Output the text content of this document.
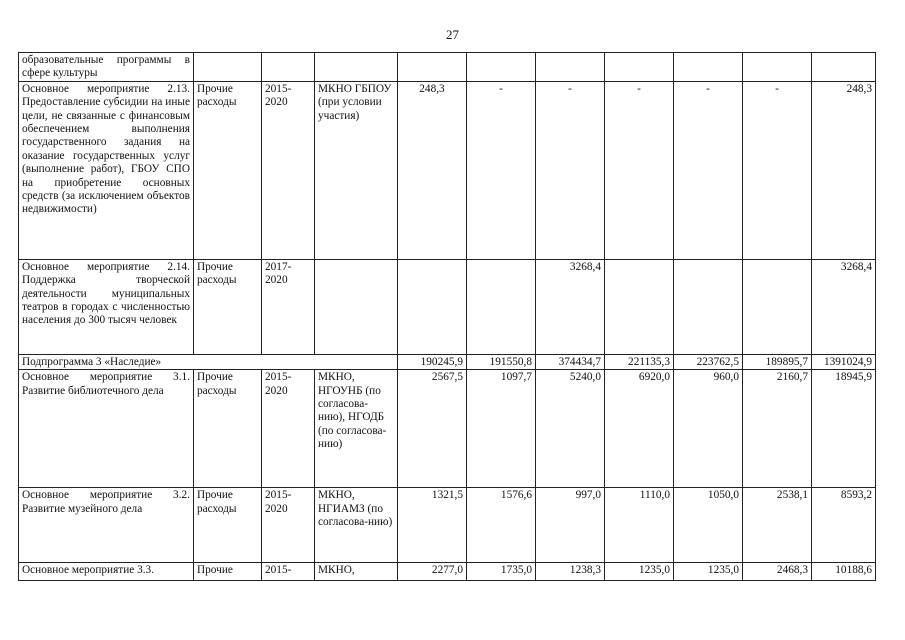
27
образовательные программы в сфере культуры										
Основное мероприятие 2.13. Предоставление субсидии на иные цели, не связанные с финансовым обеспечением выполнения государственного задания на оказание государственных услуг (выполнение работ), ГБОУ СПО на приобретение основных средств (за исключением объектов недвижимости)	Прочие расходы	2015-2020	МКНО ГБПОУ (при условии участия)	248,3	-	-	-	-	-	248,3
Основное мероприятие 2.14. Поддержка творческой деятельности муниципальных театров в городах с численностью населения до 300 тысяч человек	Прочие расходы	2017-2020				3268,4				3268,4
Подпрограмма 3 «Наследие»				190245,9	191550,8	374434,7	221135,3	223762,5	189895,7	1391024,9
Основное мероприятие 3.1. Развитие библиотечного дела	Прочие расходы	2015-2020	МКНО, НГОУНБ (по согласова-нию), НГОДБ (по согласова-нию)	2567,5	1097,7	5240,0	6920,0	960,0	2160,7	18945,9
Основное мероприятие 3.2. Развитие музейного дела	Прочие расходы	2015-2020	МКНО, НГИАМЗ (по согласова-нию)	1321,5	1576,6	997,0	1110,0	1050,0	2538,1	8593,2
Основное мероприятие 3.3.	Прочие	2015-	МКНО,	2277,0	1735,0	1238,3	1235,0	1235,0	2468,3	10188,6
